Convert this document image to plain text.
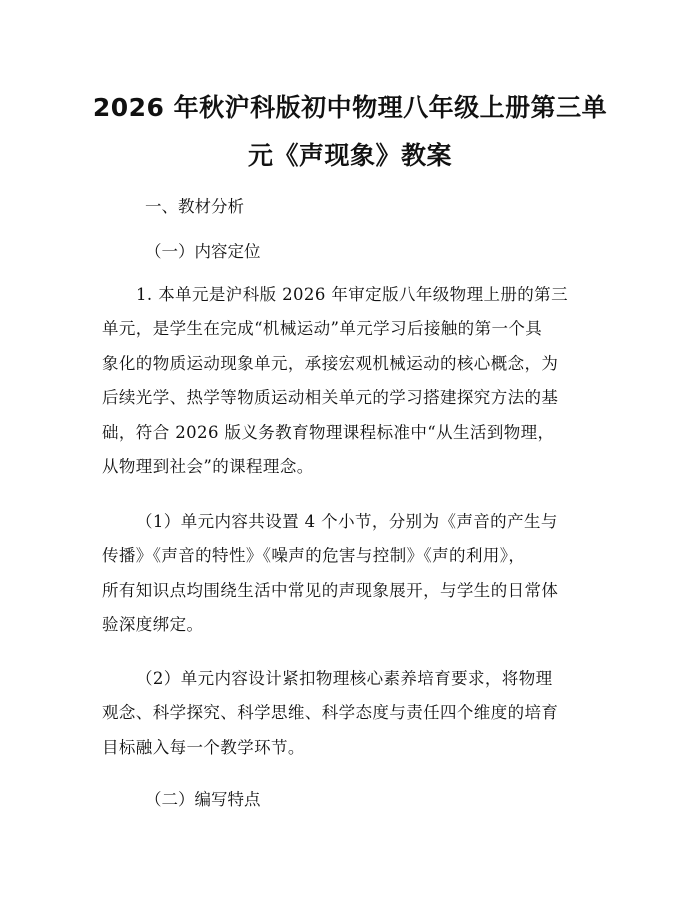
2026 年秋沪科版初中物理八年级上册第三单
元《声现象》教案
一、教材分析
（一）内容定位
1. 本单元是沪科版 2026 年审定版八年级物理上册的第三
单元，是学生在完成“机械运动”单元学习后接触的第一个具
象化的物质运动现象单元，承接宏观机械运动的核心概念，为
后续光学、热学等物质运动相关单元的学习搭建探究方法的基
础，符合 2026 版义务教育物理课程标准中“从生活到物理，
从物理到社会”的课程理念。
（1）单元内容共设置 4 个小节，分别为《声音的产生与
传播》《声音的特性》《噪声的危害与控制》《声的利用》，
所有知识点均围绕生活中常见的声现象展开，与学生的日常体
验深度绑定。
（2）单元内容设计紧扣物理核心素养培育要求，将物理
观念、科学探究、科学思维、科学态度与责任四个维度的培育
目标融入每一个教学环节。
（二）编写特点
